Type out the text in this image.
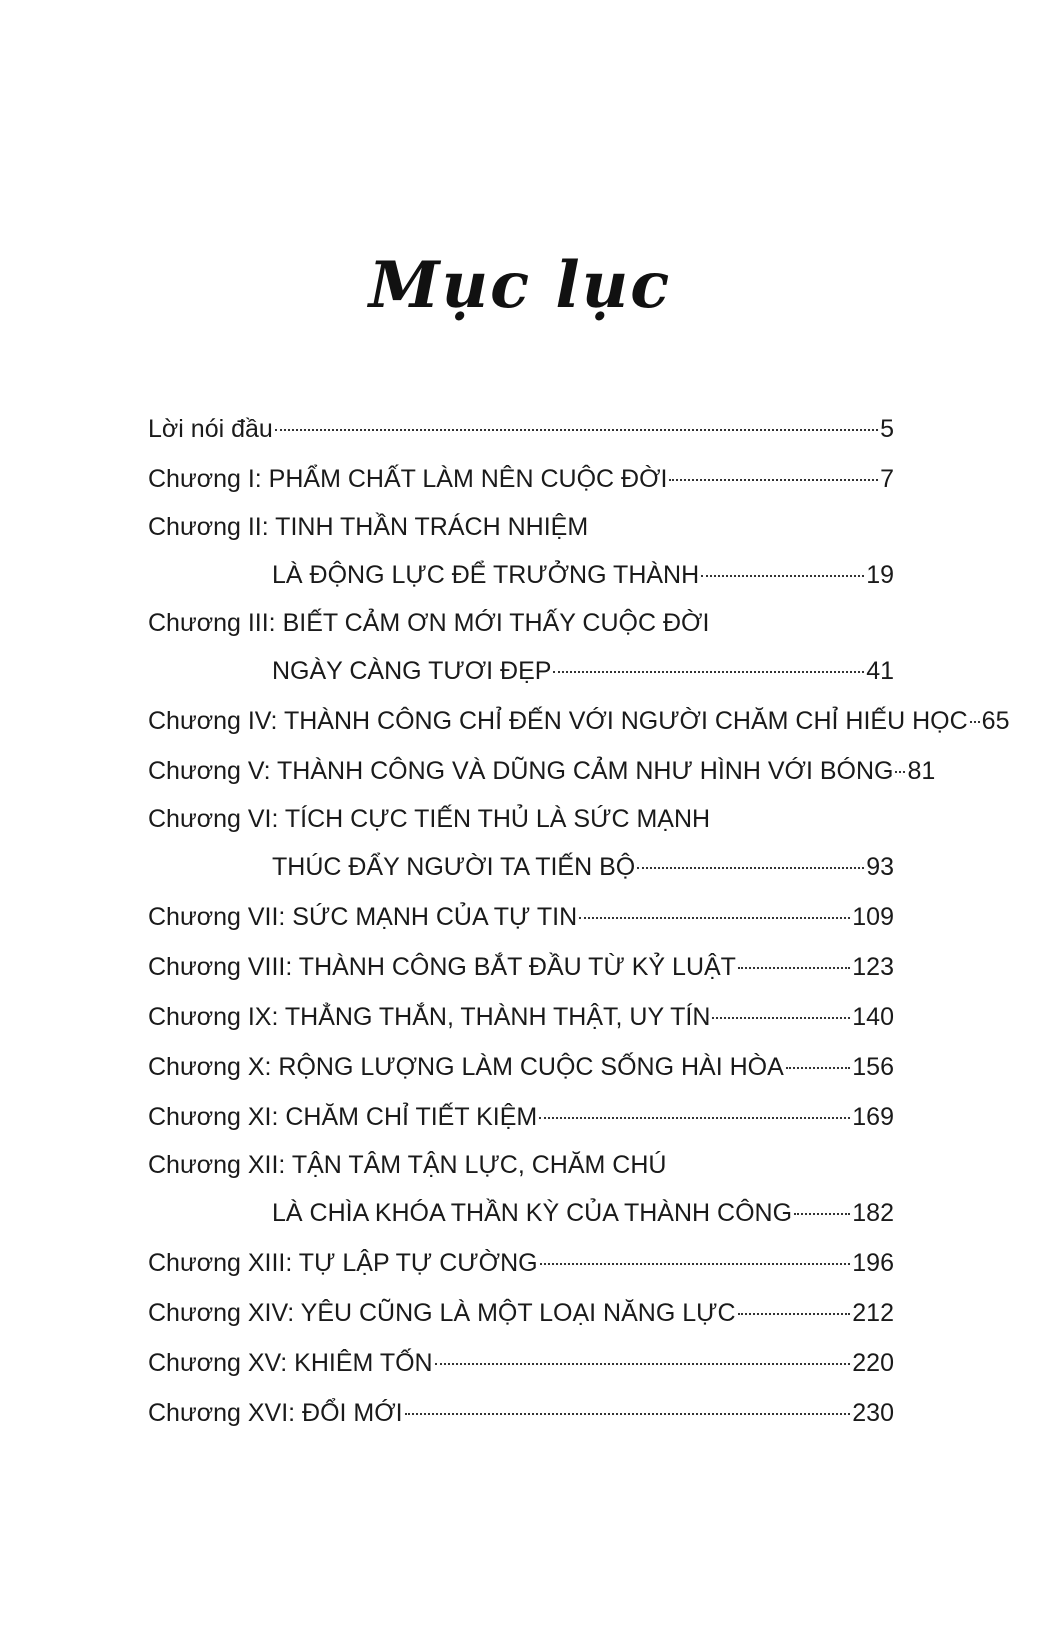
Mục lục
Lời nói đầu	5
Chương I: PHẨM CHẤT LÀM NÊN CUỘC ĐỜI	7
Chương II: TINH THẦN TRÁCH NHIỆM
LÀ ĐỘNG LỰC ĐỂ TRƯỞNG THÀNH	19
Chương III: BIẾT CẢM ƠN MỚI THẤY CUỘC ĐỜI
NGÀY CÀNG TƯƠI ĐẸP	41
Chương IV: THÀNH CÔNG CHỈ ĐẾN VỚI NGƯỜI CHĂM CHỈ HIẾU HỌC 65
Chương V: THÀNH CÔNG VÀ DŨNG CẢM NHƯ HÌNH VỚI BÓNG 81
Chương VI: TÍCH CỰC TIẾN THỦ LÀ SỨC MẠNH
THÚC ĐẨY NGƯỜI TA TIẾN BỘ	93
Chương VII: SỨC MẠNH CỦA TỰ TIN	109
Chương VIII: THÀNH CÔNG BẮT ĐẦU TỪ KỶ LUẬT	123
Chương IX: THẲNG THẮN, THÀNH THẬT, UY TÍN	140
Chương X: RỘNG LƯỢNG LÀM CUỘC SỐNG HÀI HÒA	156
Chương XI: CHĂM CHỈ TIẾT KIỆM	169
Chương XII: TẬN TÂM TẬN LỰC, CHĂM CHÚ
LÀ CHÌA KHÓA THẦN KỲ CỦA THÀNH CÔNG 182
Chương XIII: TỰ LẬP TỰ CƯỜNG	196
Chương XIV: YÊU CŨNG LÀ MỘT LOẠI NĂNG LỰC	212
Chương XV: KHIÊM TỐN	220
Chương XVI: ĐỔI MỚI	230
